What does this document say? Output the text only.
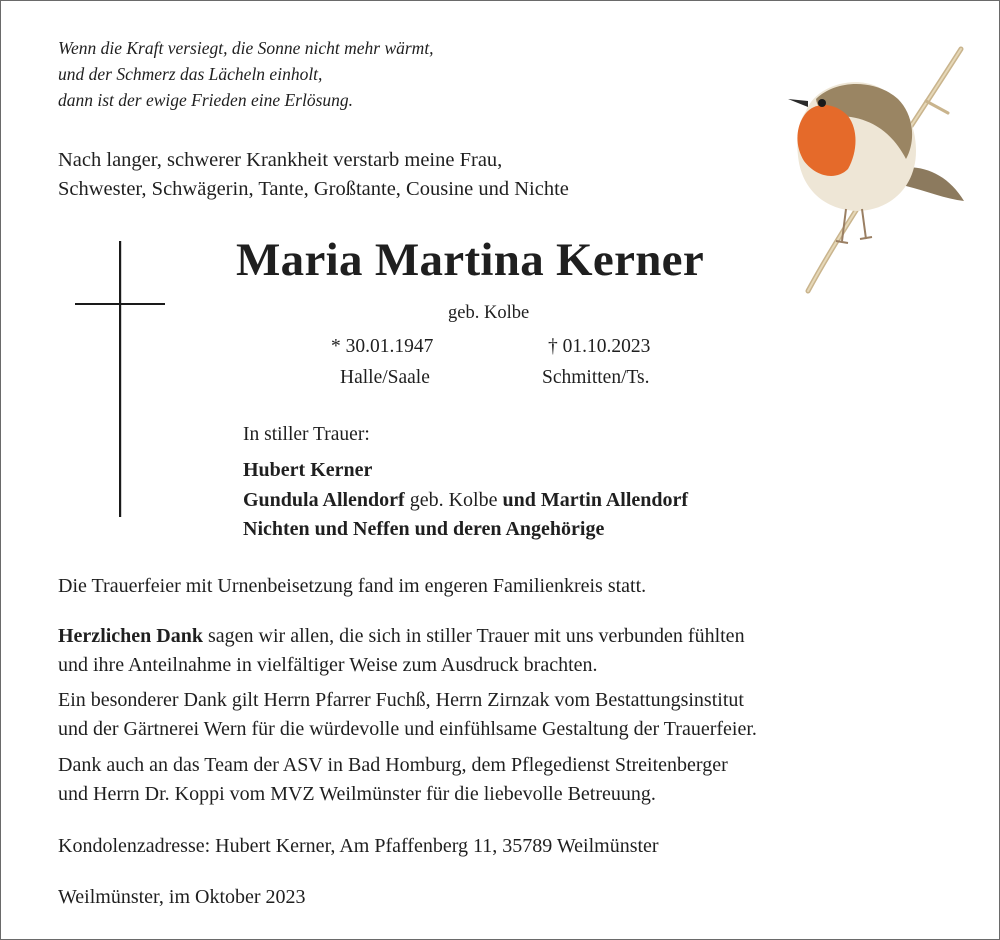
Wenn die Kraft versiegt, die Sonne nicht mehr wärmt,
und der Schmerz das Lächeln einholt,
dann ist der ewige Frieden eine Erlösung.
Nach langer, schwerer Krankheit verstarb meine Frau,
Schwester, Schwägerin, Tante, Großtante, Cousine und Nichte
Maria Martina Kerner
geb. Kolbe
* 30.01.1947
Halle/Saale
† 01.10.2023
Schmitten/Ts.
In stiller Trauer:
Hubert Kerner
Gundula Allendorf geb. Kolbe und Martin Allendorf
Nichten und Neffen und deren Angehörige
Die Trauerfeier mit Urnenbeisetzung fand im engeren Familienkreis statt.
Herzlichen Dank sagen wir allen, die sich in stiller Trauer mit uns verbunden fühlten
und ihre Anteilnahme in vielfältiger Weise zum Ausdruck brachten.
Ein besonderer Dank gilt Herrn Pfarrer Fuchß, Herrn Zirnzak vom Bestattungsinstitut
und der Gärtnerei Wern für die würdevolle und einfühlsame Gestaltung der Trauerfeier.
Dank auch an das Team der ASV in Bad Homburg, dem Pflegedienst Streitenberger
und Herrn Dr. Koppi vom MVZ Weilmünster für die liebevolle Betreuung.
Kondolenzadresse: Hubert Kerner, Am Pfaffenberg 11, 35789 Weilmünster
Weilmünster, im Oktober 2023
